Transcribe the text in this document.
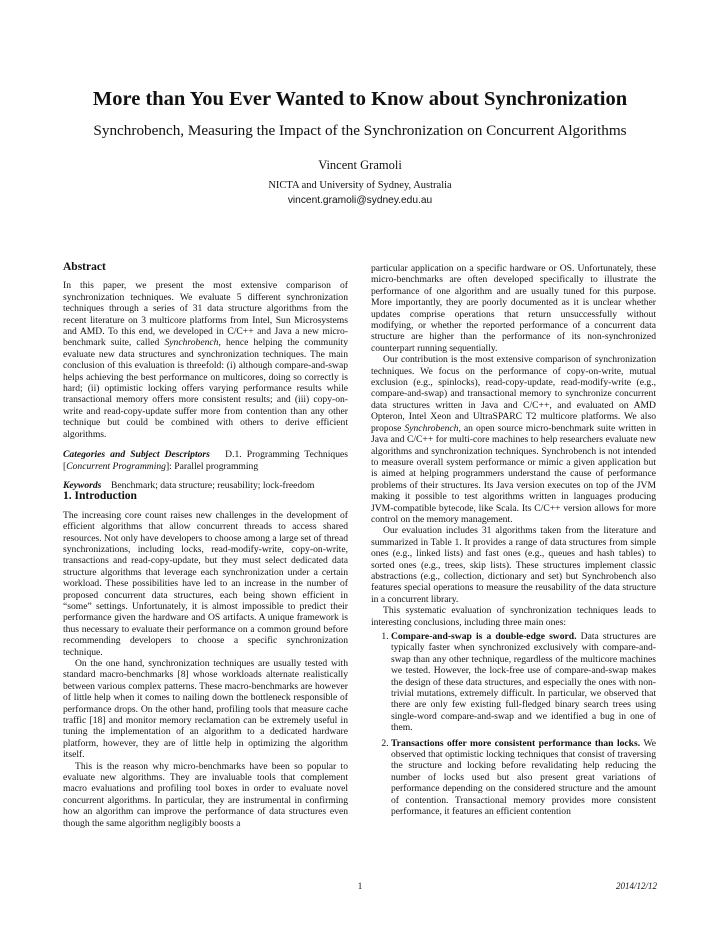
More than You Ever Wanted to Know about Synchronization
Synchrobench, Measuring the Impact of the Synchronization on Concurrent Algorithms
Vincent Gramoli
NICTA and University of Sydney, Australia
vincent.gramoli@sydney.edu.au
Abstract

In this paper, we present the most extensive comparison of synchronization techniques. We evaluate 5 different synchronization techniques through a series of 31 data structure algorithms from the recent literature on 3 multicore platforms from Intel, Sun Microsystems and AMD. To this end, we developed in C/C++ and Java a new micro-benchmark suite, called Synchrobench, hence helping the community evaluate new data structures and synchronization techniques. The main conclusion of this evaluation is threefold: (i) although compare-and-swap helps achieving the best performance on multicores, doing so correctly is hard; (ii) optimistic locking offers varying performance results while transactional memory offers more consistent results; and (iii) copy-on-write and read-copy-update suffer more from contention than any other technique but could be combined with others to derive efficient algorithms.

Categories and Subject Descriptors D.1. Programming Techniques [Concurrent Programming]: Parallel programming

Keywords Benchmark; data structure; reusability; lock-freedom

1. Introduction

The increasing core count raises new challenges in the development of efficient algorithms that allow concurrent threads to access shared resources. Not only have developers to choose among a large set of thread synchronizations, including locks, read-modify-write, copy-on-write, transactions and read-copy-update, but they must select dedicated data structure algorithms that leverage each synchronization under a certain workload. These possibilities have led to an increase in the number of proposed concurrent data structures, each being shown efficient in “some” settings. Unfortunately, it is almost impossible to predict their performance given the hardware and OS artifacts. A unique framework is thus necessary to evaluate their performance on a common ground before recommending developers to choose a specific synchronization technique.

On the one hand, synchronization techniques are usually tested with standard macro-benchmarks [8] whose workloads alternate realistically between various complex patterns. These macro-benchmarks are however of little help when it comes to nailing down the bottleneck responsible of performance drops. On the other hand, profiling tools that measure cache traffic [18] and monitor memory reclamation can be extremely useful in tuning the implementation of an algorithm to a dedicated hardware platform, however, they are of little help in optimizing the algorithm itself.

This is the reason why micro-benchmarks have been so popular to evaluate new algorithms. They are invaluable tools that complement macro evaluations and profiling tool boxes in order to evaluate novel concurrent algorithms. In particular, they are instrumental in confirming how an algorithm can improve the performance of data structures even though the same algorithm negligibly boosts a

particular application on a specific hardware or OS. Unfortunately, these micro-benchmarks are often developed specifically to illustrate the performance of one algorithm and are usually tuned for this purpose. More importantly, they are poorly documented as it is unclear whether updates comprise operations that return unsuccessfully without modifying, or whether the reported performance of a concurrent data structure are higher than the performance of its non-synchronized counterpart running sequentially.

Our contribution is the most extensive comparison of synchronization techniques. We focus on the performance of copy-on-write, mutual exclusion (e.g., spinlocks), read-copy-update, read-modify-write (e.g., compare-and-swap) and transactional memory to synchronize concurrent data structures written in Java and C/C++, and evaluated on AMD Opteron, Intel Xeon and UltraSPARC T2 multicore platforms. We also propose Synchrobench, an open source micro-benchmark suite written in Java and C/C++ for multi-core machines to help researchers evaluate new algorithms and synchronization techniques. Synchrobench is not intended to measure overall system performance or mimic a given application but is aimed at helping programmers understand the cause of performance problems of their structures. Its Java version executes on top of the JVM making it possible to test algorithms written in languages producing JVM-compatible bytecode, like Scala. Its C/C++ version allows for more control on the memory management.

Our evaluation includes 31 algorithms taken from the literature and summarized in Table 1. It provides a range of data structures from simple ones (e.g., linked lists) and fast ones (e.g., queues and hash tables) to sorted ones (e.g., trees, skip lists). These structures implement classic abstractions (e.g., collection, dictionary and set) but Synchrobench also features special operations to measure the reusability of the data structure in a concurrent library.

This systematic evaluation of synchronization techniques leads to interesting conclusions, including three main ones:

1. Compare-and-swap is a double-edge sword. Data structures are typically faster when synchronized exclusively with compare-and-swap than any other technique, regardless of the multicore machines we tested. However, the lock-free use of compare-and-swap makes the design of these data structures, and especially the ones with non-trivial mutations, extremely difficult. In particular, we observed that there are only few existing full-fledged binary search trees using single-word compare-and-swap and we identified a bug in one of them.
2. Transactions offer more consistent performance than locks. We observed that optimistic locking techniques that consist of traversing the structure and locking before revalidating help reducing the number of locks used but also present great variations of performance depending on the considered structure and the amount of contention. Transactional memory provides more consistent performance, it features an efficient contention
1	2014/12/12
